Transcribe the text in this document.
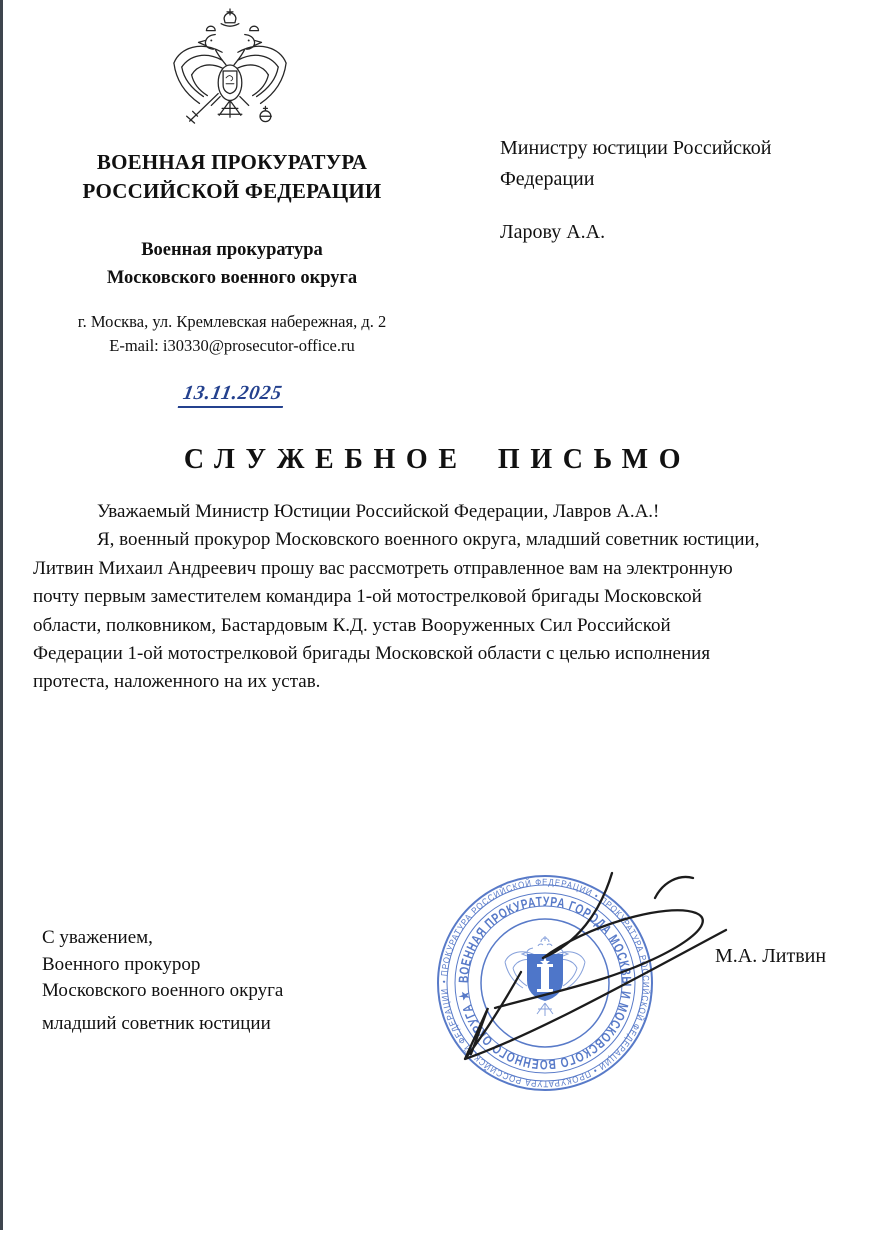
ВОЕННАЯ ПРОКУРАТУРА
РОССИЙСКОЙ ФЕДЕРАЦИИ
Военная прокуратура
Московского военного округа
г. Москва, ул. Кремлевская набережная, д. 2
E-mail: i30330@prosecutor-office.ru
13.11.2025
Министру юстиции Российской
Федерации
Ларову А.А.
СЛУЖЕБНОЕ ПИСЬМО
Уважаемый Министр Юстиции Российской Федерации, Лавров А.А.!
Я, военный прокурор Московского военного округа, младший советник юстиции,
Литвин Михаил Андреевич прошу вас рассмотреть отправленное вам на электронную
почту первым заместителем командира 1-ой мотострелковой бригады Московской
области, полковником, Бастардовым К.Д. устав Вооруженных Сил Российской
Федерации 1-ой мотострелковой бригады Московской области с целью исполнения
протеста, наложенного на их устав.
С уважением,
Военного прокурор
Московского военного округа
младший советник юстиции
• ПРОКУРАТУРА РОССИЙСКОЙ ФЕДЕРАЦИИ • ПРОКУРАТУРА РОССИЙСКОЙ ФЕДЕРАЦИИ • ПРОКУРАТУРА РОССИЙСКОЙ ФЕДЕРАЦИИ
ВОЕННАЯ ПРОКУРАТУРА ГОРОДА МОСКВЫ И МОСКОВСКОГО ВОЕННОГО ОКРУГА ★
М.А. Литвин
